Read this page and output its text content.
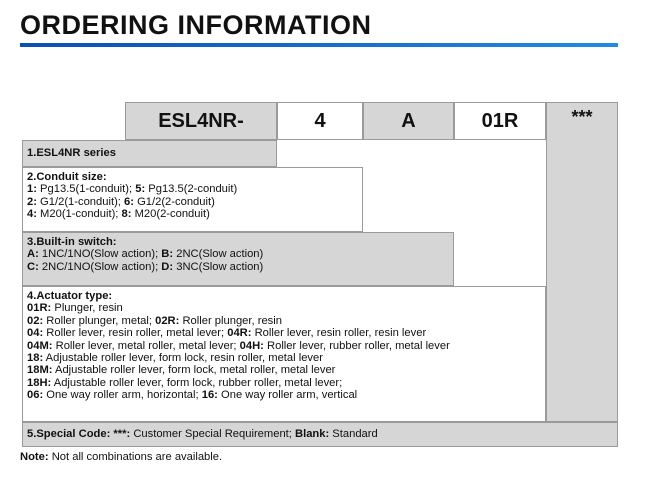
ORDERING INFORMATION
ESL4NR-	4	A	01R	***
1.ESL4NR series
2.Conduit size:
1: Pg13.5(1-conduit); 5: Pg13.5(2-conduit)
2: G1/2(1-conduit); 6: G1/2(2-conduit)
4: M20(1-conduit); 8: M20(2-conduit)
3.Built-in switch:
A: 1NC/1NO(Slow action); B: 2NC(Slow action)
C: 2NC/1NO(Slow action); D: 3NC(Slow action)
4.Actuator type:
01R: Plunger, resin
02: Roller plunger, metal; 02R: Roller plunger, resin
04: Roller lever, resin roller, metal lever; 04R: Roller lever, resin roller, resin lever
04M: Roller lever, metal roller, metal lever; 04H: Roller lever, rubber roller, metal lever
18: Adjustable roller lever, form lock, resin roller, metal lever
18M: Adjustable roller lever, form lock, metal roller, metal lever
18H: Adjustable roller lever, form lock, rubber roller, metal lever;
06: One way roller arm, horizontal; 16: One way roller arm, vertical
5.Special Code: ***: Customer Special Requirement; Blank: Standard
Note: Not all combinations are available.
